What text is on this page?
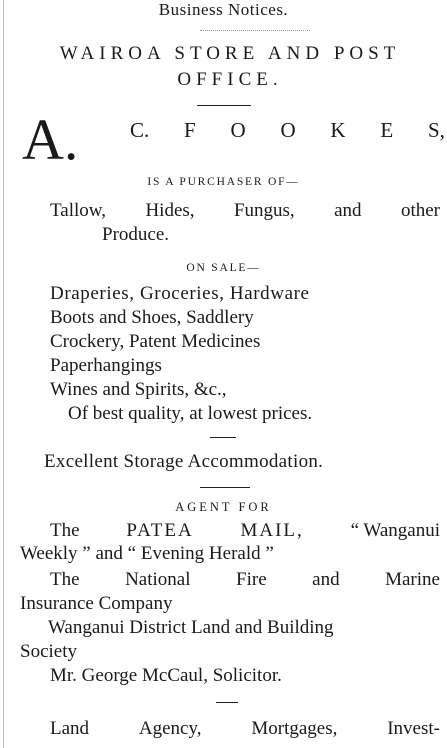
Business Notices.
WAIROA STORE AND POST
OFFICE.
A. C. F O O K E S,
IS A PURCHASER OF—
Tallow, Hides, Fungus, and other
Produce.
ON SALE—
Draperies, Groceries, Hardware
Boots and Shoes, Saddlery
Crockery, Patent Medicines
Paperhangings
Wines and Spirits, &c.,
Of best quality, at lowest prices.
Excellent Storage Accommodation.
AGENT FOR
The PATEA MAIL, “ Wanganui
Weekly ” and “ Evening Herald ”
The National Fire and Marine
Insurance Company
Wanganui District Land and Building
Society
Mr. George McCaul, Solicitor.
Land	Agency,	Mortgages,	Invest-
